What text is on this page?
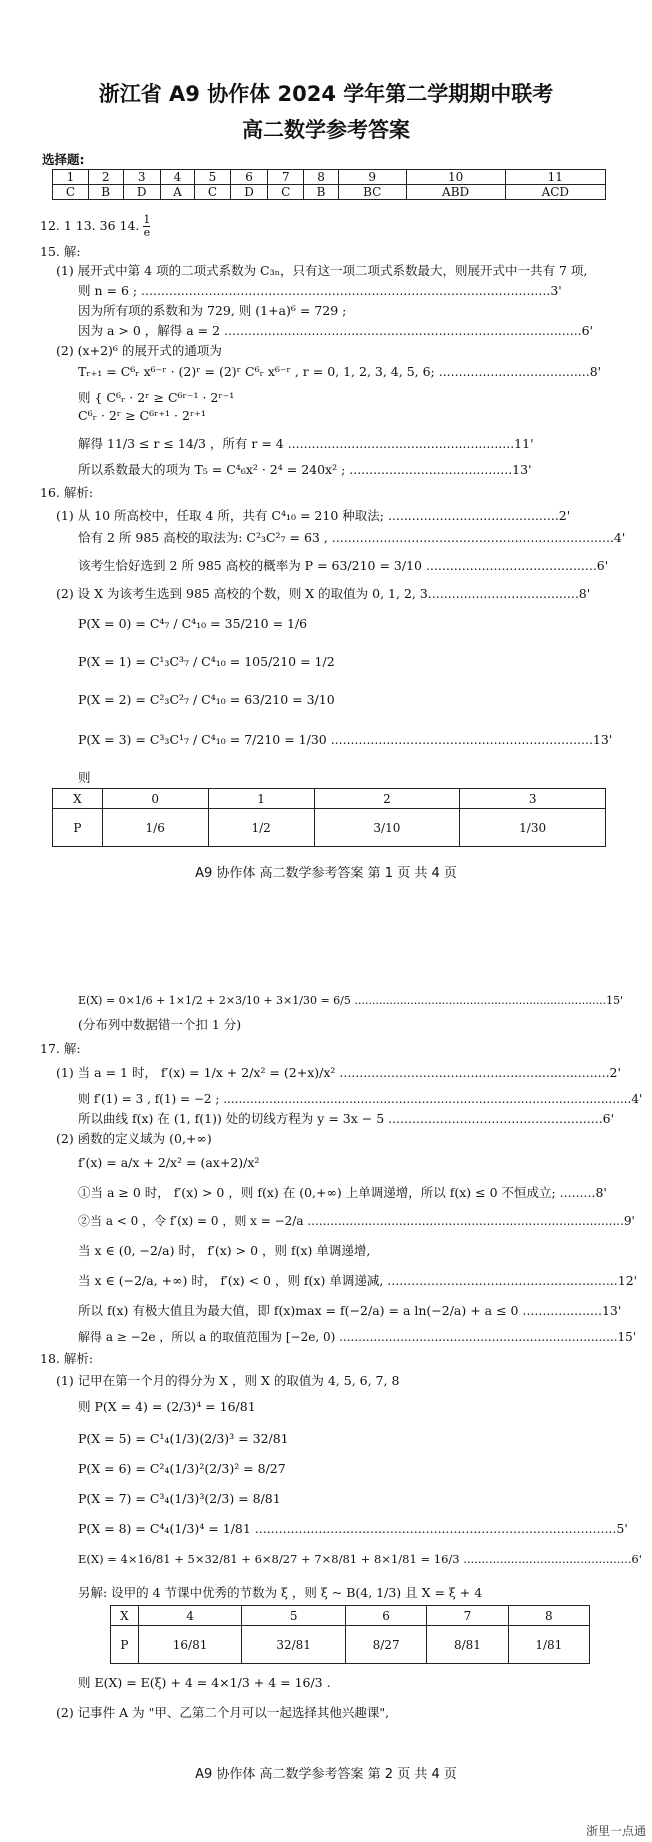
浙江省 A9 协作体 2024 学年第二学期期中联考
高二数学参考答案
选择题:
1	2	3	4	5	6	7	8	9	10	11
C	B	D	A	C	D	C	B	BC	ABD	ACD
12. 1 13. 36 14. $\frac{1}{e}$
15. 解:
(1) 展开式中第 4 项的二项式系数为 C₃ₙ，只有这一项二项式系数最大，则展开式中一共有 7 项,
则 n = 6 ; .......................................................................................................3'
因为所有项的系数和为 729, 则 (1+a)⁶ = 729 ;
因为 a > 0 ，解得 a = 2 ..........................................................................................6'
(2) (x+2)⁶ 的展开式的通项为
Tᵣ₊₁ = C⁶ᵣ x⁶⁻ʳ · (2)ʳ = (2)ʳ C⁶ᵣ x⁶⁻ʳ , r = 0, 1, 2, 3, 4, 5, 6; ......................................8'
则 { C⁶ᵣ · 2ʳ ≥ C⁶ʳ⁻¹ · 2ʳ⁻¹
C⁶ᵣ · 2ʳ ≥ C⁶ʳ⁺¹ · 2ʳ⁺¹
解得 11/3 ≤ r ≤ 14/3 ，所有 r = 4 .........................................................11'
所以系数最大的项为 T₅ = C⁴₆x² · 2⁴ = 240x² ; .........................................13'
16. 解析:
(1) 从 10 所高校中，任取 4 所，共有 C⁴₁₀ = 210 种取法; ...........................................2'
恰有 2 所 985 高校的取法为: C²₃C²₇ = 63 , .......................................................................4'
该考生恰好选到 2 所 985 高校的概率为 P = 63/210 = 3/10 ...........................................6'
(2) 设 X 为该考生选到 985 高校的个数，则 X 的取值为 0, 1, 2, 3......................................8'
P(X = 0) = C⁴₇ / C⁴₁₀ = 35/210 = 1/6
P(X = 1) = C¹₃C³₇ / C⁴₁₀ = 105/210 = 1/2
P(X = 2) = C²₃C²₇ / C⁴₁₀ = 63/210 = 3/10
P(X = 3) = C³₃C¹₇ / C⁴₁₀ = 7/210 = 1/30 ..................................................................13'
则
X	0	1	2	3
P	1/6	1/2	3/10	1/30
A9 协作体 高二数学参考答案 第 1 页 共 4 页
E(X) = 0×1/6 + 1×1/2 + 2×3/10 + 3×1/30 = 6/5 ........................................................................15'
(分布列中数据错一个扣 1 分)
17. 解:
(1) 当 a = 1 时， f′(x) = 1/x + 2/x² = (2+x)/x² ....................................................................2'
则 f′(1) = 3 , f(1) = −2 ; ...........................................................................................................4'
所以曲线 f(x) 在 (1, f(1)) 处的切线方程为 y = 3x − 5 ......................................................6'
(2) 函数的定义域为 (0,+∞)
f′(x) = a/x + 2/x² = (ax+2)/x²
①当 a ≥ 0 时， f′(x) > 0 ，则 f(x) 在 (0,+∞) 上单调递增，所以 f(x) ≤ 0 不恒成立; .........8'
②当 a < 0 ，令 f′(x) = 0 ，则 x = −2/a ...................................................................................9'
当 x ∈ (0, −2/a) 时， f′(x) > 0 ，则 f(x) 单调递增,
当 x ∈ (−2/a, +∞) 时， f′(x) < 0 ，则 f(x) 单调递减, ..........................................................12'
所以 f(x) 有极大值且为最大值，即 f(x)max = f(−2/a) = a ln(−2/a) + a ≤ 0 ....................13'
解得 a ≥ −2e ，所以 a 的取值范围为 [−2e, 0) .........................................................................15'
18. 解析:
(1) 记甲在第一个月的得分为 X ，则 X 的取值为 4, 5, 6, 7, 8
则 P(X = 4) = (2/3)⁴ = 16/81
P(X = 5) = C¹₄(1/3)(2/3)³ = 32/81
P(X = 6) = C²₄(1/3)²(2/3)² = 8/27
P(X = 7) = C³₄(1/3)³(2/3) = 8/81
P(X = 8) = C⁴₄(1/3)⁴ = 1/81 ...........................................................................................5'
E(X) = 4×16/81 + 5×32/81 + 6×8/27 + 7×8/81 + 8×1/81 = 16/3 ..............................................6'
另解: 设甲的 4 节课中优秀的节数为 ξ ，则 ξ ~ B(4, 1/3) 且 X = ξ + 4
X	4	5	6	7	8
P	16/81	32/81	8/27	8/81	1/81
则 E(X) = E(ξ) + 4 = 4×1/3 + 4 = 16/3 .
(2) 记事件 A 为 "甲、乙第二个月可以一起选择其他兴趣课",
A9 协作体 高二数学参考答案 第 2 页 共 4 页
浙里一点通
